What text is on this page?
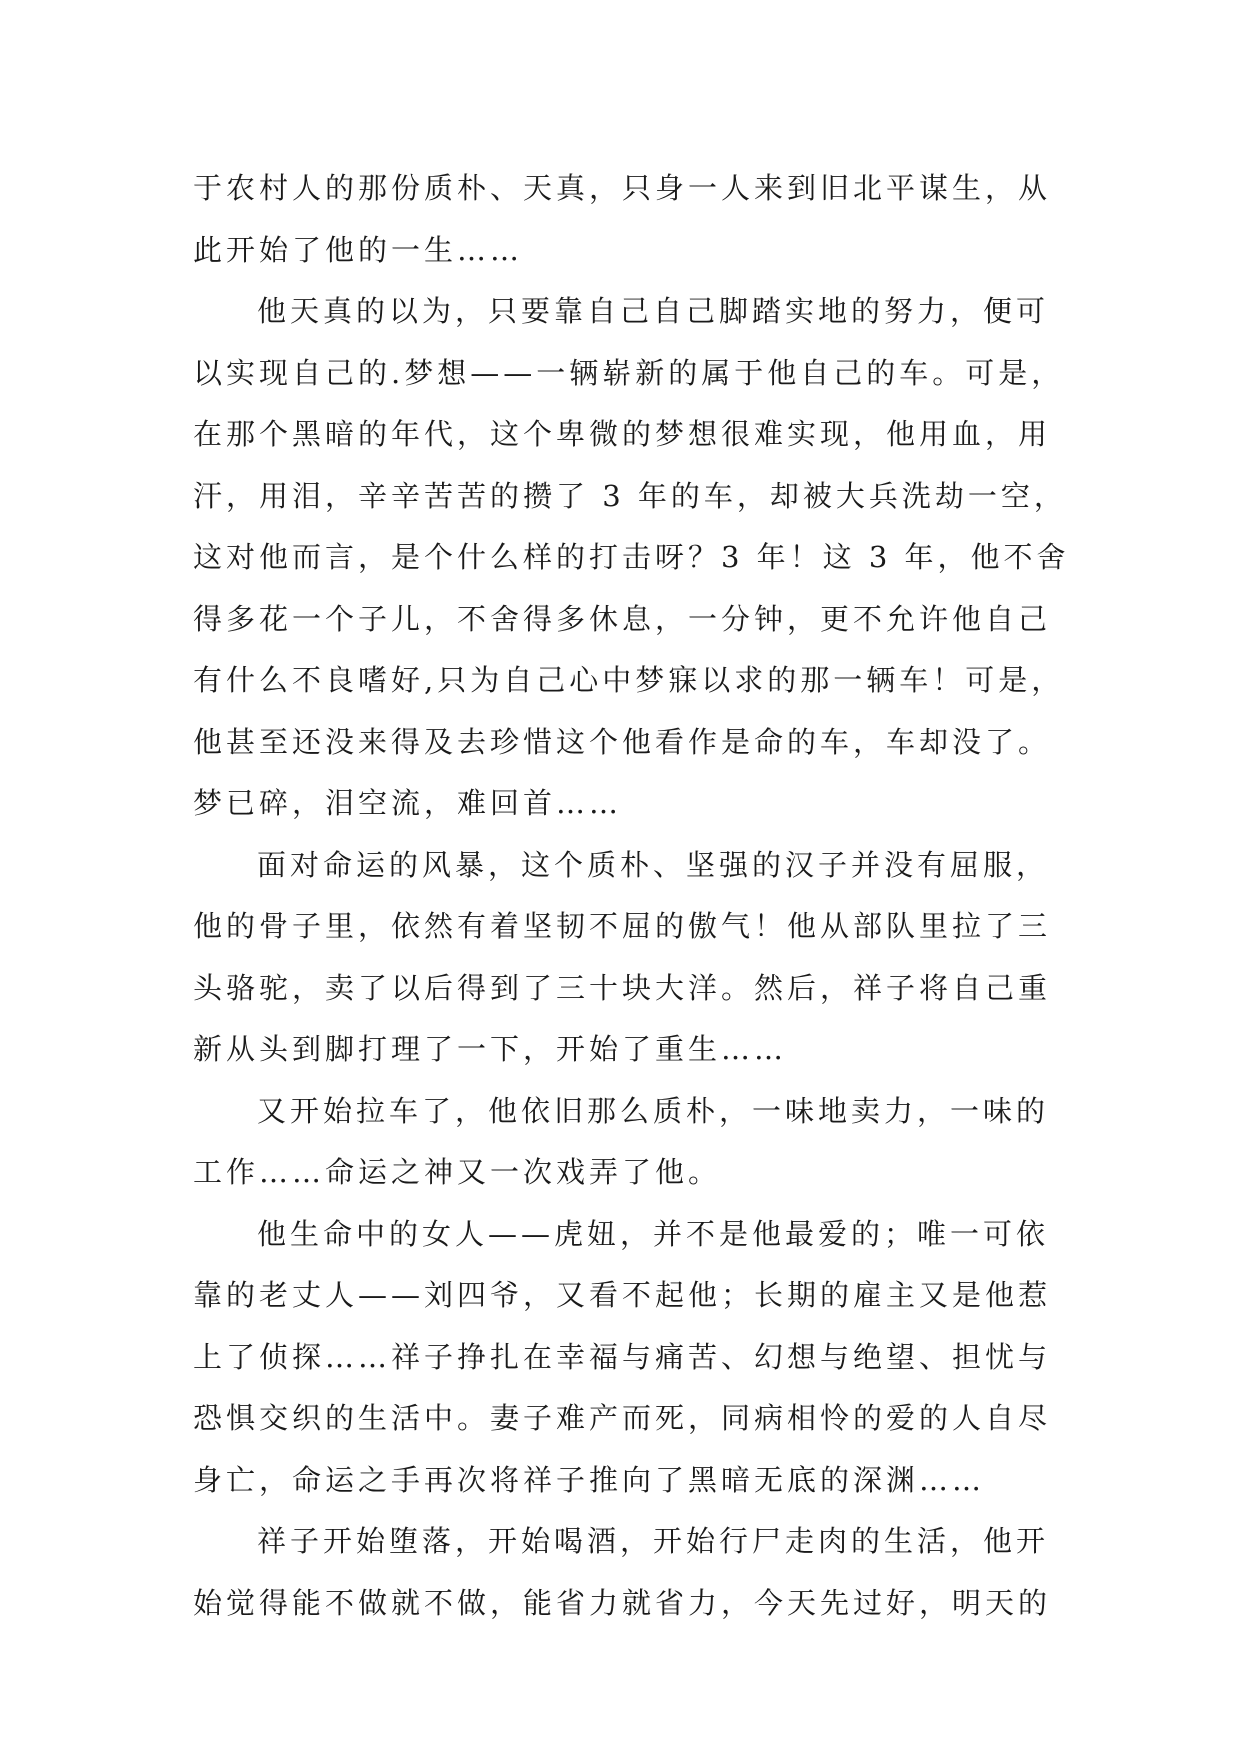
于农村人的那份质朴、天真，只身一人来到旧北平谋生，从
此开始了他的一生……
他天真的以为，只要靠自己自己脚踏实地的努力，便可
以实现自己的.梦想——一辆崭新的属于他自己的车。可是，
在那个黑暗的年代，这个卑微的梦想很难实现，他用血，用
汗，用泪，辛辛苦苦的攒了 3 年的车，却被大兵洗劫一空，
这对他而言，是个什么样的打击呀？3 年！这 3 年，他不舍
得多花一个子儿，不舍得多休息，一分钟，更不允许他自己
有什么不良嗜好,只为自己心中梦寐以求的那一辆车！可是，
他甚至还没来得及去珍惜这个他看作是命的车，车却没了。
梦已碎，泪空流，难回首……
面对命运的风暴，这个质朴、坚强的汉子并没有屈服，
他的骨子里，依然有着坚韧不屈的傲气！他从部队里拉了三
头骆驼，卖了以后得到了三十块大洋。然后，祥子将自己重
新从头到脚打理了一下，开始了重生……
又开始拉车了，他依旧那么质朴，一味地卖力，一味的
工作……命运之神又一次戏弄了他。
他生命中的女人——虎妞，并不是他最爱的；唯一可依
靠的老丈人——刘四爷，又看不起他；长期的雇主又是他惹
上了侦探……祥子挣扎在幸福与痛苦、幻想与绝望、担忧与
恐惧交织的生活中。妻子难产而死，同病相怜的爱的人自尽
身亡，命运之手再次将祥子推向了黑暗无底的深渊……
祥子开始堕落，开始喝酒，开始行尸走肉的生活，他开
始觉得能不做就不做，能省力就省力，今天先过好，明天的
